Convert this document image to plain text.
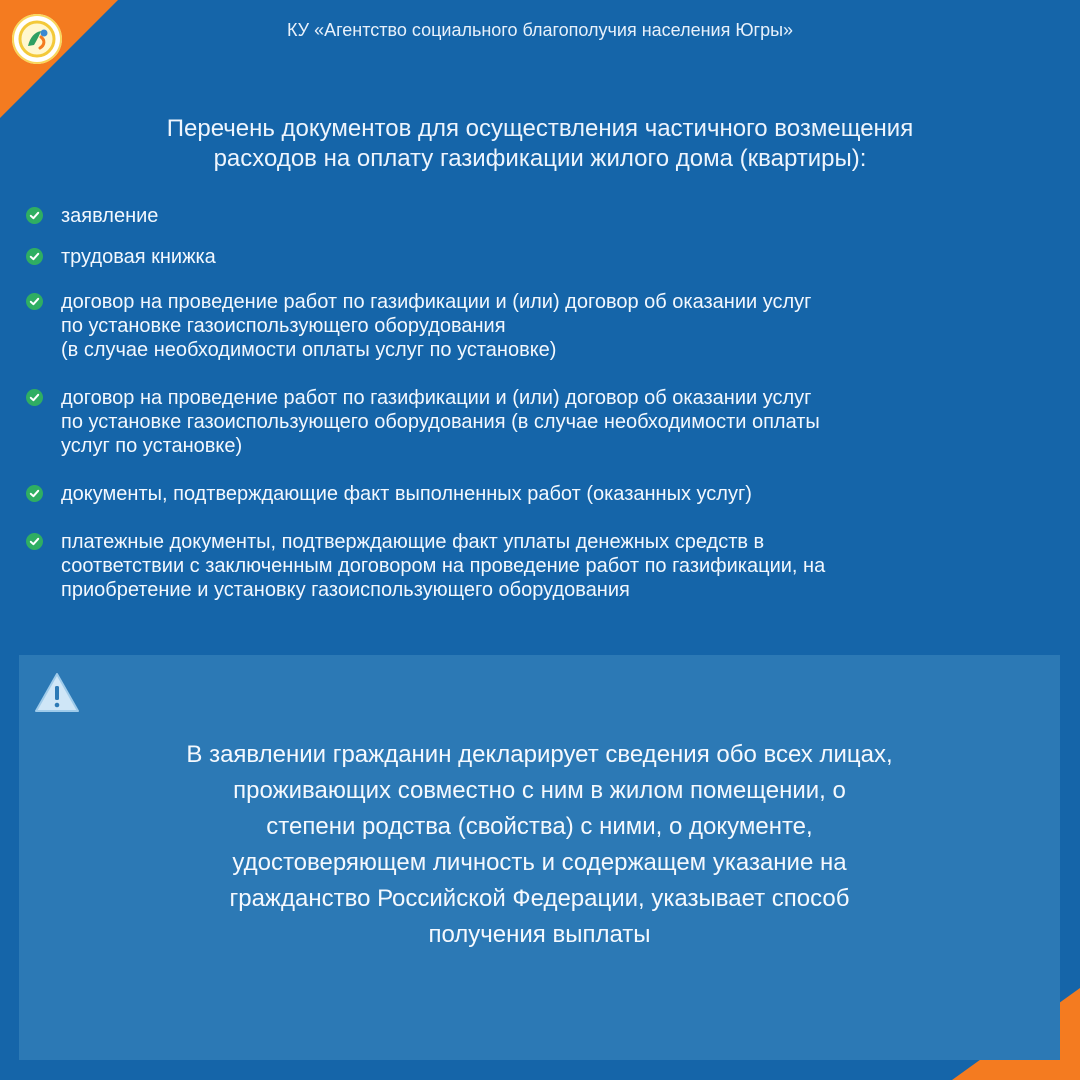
КУ «Агентство социального благополучия населения Югры»
Перечень документов для осуществления частичного возмещения
расходов на оплату газификации жилого дома (квартиры):
заявление
трудовая книжка
договор на проведение работ по газификации и (или) договор об оказании услуг
по установке газоиспользующего оборудования
(в случае необходимости оплаты услуг по установке)
договор на проведение работ по газификации и (или) договор об оказании услуг
по установке газоиспользующего оборудования (в случае необходимости оплаты
услуг по установке)
документы, подтверждающие факт выполненных работ (оказанных услуг)
платежные документы, подтверждающие факт уплаты денежных средств в
соответствии с заключенным договором на проведение работ по газификации, на
приобретение и установку газоиспользующего оборудования
В заявлении гражданин декларирует сведения обо всех лицах,
проживающих совместно с ним в жилом помещении, о
степени родства (свойства) с ними, о документе,
удостоверяющем личность и содержащем указание на
гражданство Российской Федерации, указывает способ
получения выплаты
